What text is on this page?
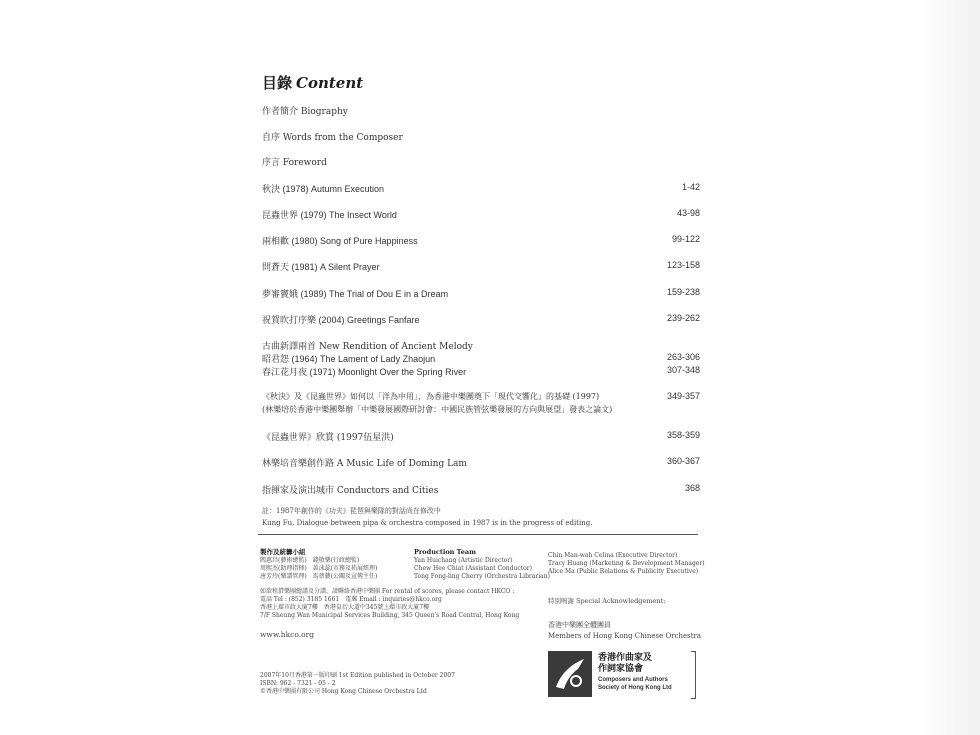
目錄 Content
作者簡介 Biography
自序 Words from the Composer
序言 Foreword
秋決 (1978) Autumn Execution	1-42
昆蟲世界 (1979) The Insect World	43-98
兩相歡 (1980) Song of Pure Happiness	99-122
問蒼天 (1981) A Silent Prayer	123-158
夢審竇娥 (1989) The Trial of Dou E in a Dream	159-238
祝賀吹打序樂 (2004) Greetings Fanfare	239-262
古曲新譯兩首 New Rendition of Ancient Melody
昭君怨 (1964) The Lament of Lady Zhaojun	263-306
春江花月夜 (1971) Moonlight Over the Spring River	307-348
《秋決》及《昆蟲世界》如何以「洋為中用」，為香港中樂團奠下「現代交響化」的基礎 (1997)	349-357
(林樂培於香港中樂團舉辦「中樂發展國際研討會：中國民族管弦樂發展的方向與展望」發表之論文)
《昆蟲世界》欣賞 (1997伍星洪)	358-359
林樂培音樂創作路 A Music Life of Doming Lam	360-367
指揮家及演出城市 Conductors and Cities	368
註：1987年創作的《功夫》琵琶與樂隊的對話尚在修改中
Kung Fu, Dialogue between pipa & orchestra composed in 1987 is in the progress of editing.
製作及統籌小組
閻惠昌(藝術總監)　錢敬樂(行政總監)
周熙杰(助理指揮)　黃泳蕊(市務及拓展經理)
唐芳玲(樂譜管理)　馬蔡藝(公關及宣傳主任)
Production Team
Yan Huichang (Artistic Director)
Chew Hee Chiat (Assistant Conductor)
Tong Fong-ling Cherry (Orchestra Librarian)
Chin Man-wah Celina (Executive Director)
Tracy Huang (Marketing & Development Manager)
Alice Ma (Public Relations & Publicity Executive)
如欲租借樂團總譜及分譜，請聯絡香港中樂團 For rental of scores, please contact HKCO :
電話 Tel : (852) 3185 1661　電郵 Email : inquiries@hkco.org
香港上環市政大廈7樓　香港皇后大道中345號上環市政大廈7樓
7/F Sheung Wan Municipal Services Building, 345 Queen's Road Central, Hong Kong
www.hkco.org
特別鳴謝 Special Acknowledgement:
香港中樂團全體團員
Members of Hong Kong Chinese Orchestra
2007年10月香港第一版印刷 1st Edition published in October 2007
ISBN: 962 - 7321 - 05 - 2
©香港中樂團有限公司 Hong Kong Chinese Orchestra Ltd
香港作曲家及
作詞家協會
Composers and Authors
Society of Hong Kong Ltd
